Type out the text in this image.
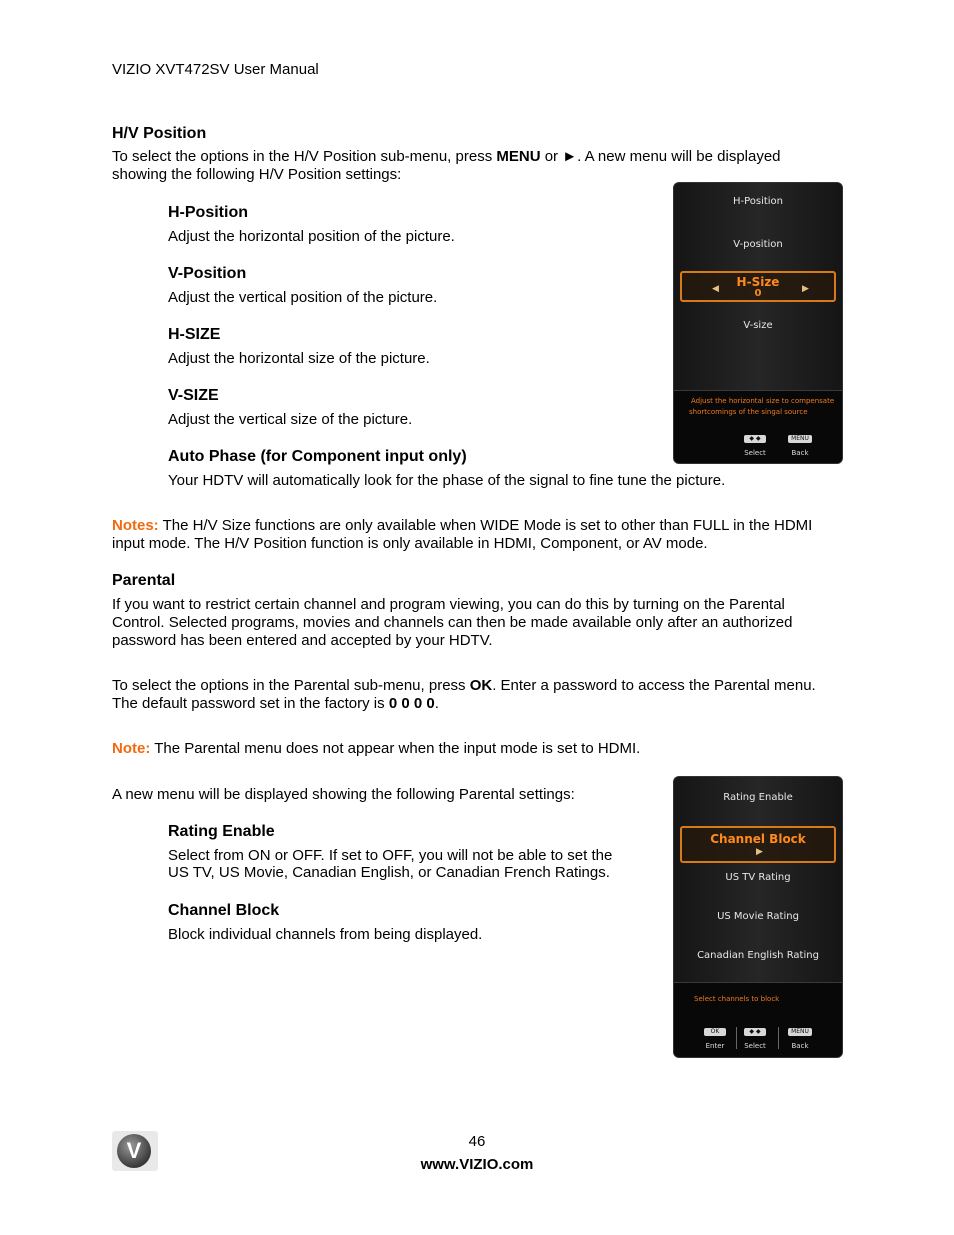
VIZIO XVT472SV User Manual
H/V Position
To select the options in the H/V Position sub-menu, press MENU or ►. A new menu will be displayed
showing the following H/V Position settings:
H-Position
Adjust the horizontal position of the picture.
V-Position
Adjust the vertical position of the picture.
H-SIZE
Adjust the horizontal size of the picture.
V-SIZE
Adjust the vertical size of the picture.
Auto Phase (for Component input only)
Your HDTV will automatically look for the phase of the signal to fine tune the picture.
Notes: The H/V Size functions are only available when WIDE Mode is set to other than FULL in the HDMI
input mode. The H/V Position function is only available in HDMI, Component, or AV mode.
H-Position
V-position
H-Size
0
◀	▶
V-size
Adjust the horizontal size to compensate
shortcomings of the singal source
◆ ◆
Select
MENU
Back
Parental
If you want to restrict certain channel and program viewing, you can do this by turning on the Parental
Control. Selected programs, movies and channels can then be made available only after an authorized
password has been entered and accepted by your HDTV.
To select the options in the Parental sub-menu, press OK. Enter a password to access the Parental menu.
The default password set in the factory is 0 0 0 0.
Note: The Parental menu does not appear when the input mode is set to HDMI.
A new menu will be displayed showing the following Parental settings:
Rating Enable
Select from ON or OFF. If set to OFF, you will not be able to set the
US TV, US Movie, Canadian English, or Canadian French Ratings.
Channel Block
Block individual channels from being displayed.
Rating Enable
Channel Block
▶
US TV Rating
US Movie Rating
Canadian English Rating
Select channels to block
OK
Enter
◆ ◆
Select
MENU
Back
V	46
www.VIZIO.com
